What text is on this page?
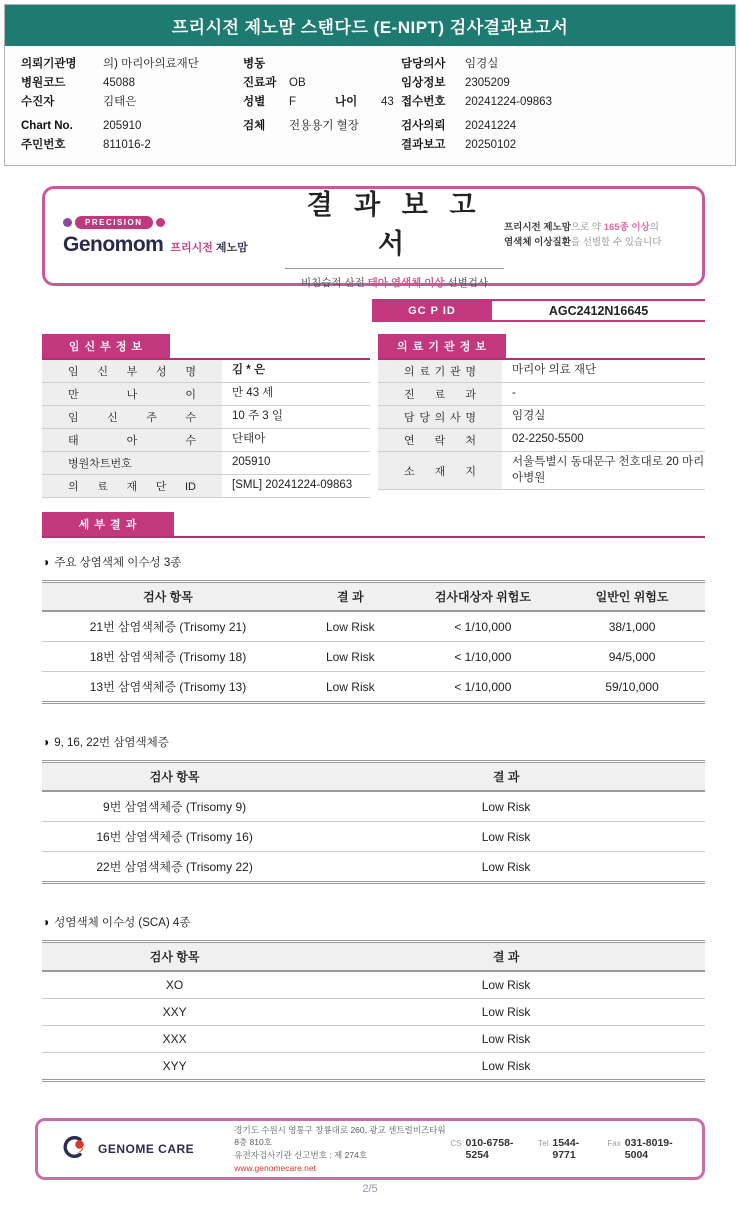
프리시전 제노맘 스탠다드 (E-NIPT) 검사결과보고서
의뢰기관명	의) 마리아의료재단
병원코드	45088
수진자	김태은
Chart No.	205910
주민번호	811016-2
병동
진료과	OB
성별	F	나이	43
검체	전용용기 혈장
담당의사	임경실
임상정보	2305209
접수번호	20241224-09863
검사의뢰	20241224
결과보고	20250102
PRECISION
Genomom 프리시전 제노맘
결 과 보 고 서
비침습적 산전 태아 염색체 이상 선별검사
프리시전 제노맘으로 약 165종 이상의
염색체 이상질환을 선별할 수 있습니다
GC P ID	AGC2412N16645
임 신 부 정 보
임 신 부 성 명	김 * 은
만 나 이	만 43 세
임 신 주 수	10 주 3 일
태 아 수	단태아
병원차트번호	205910
의 료 재 단 ID	[SML] 20241224-09863
의 료 기 관 정 보
의 료 기 관 명	마리아 의료 재단
진 료 과	-
담 당 의 사 명	임경실
연 락 처	02-2250-5500
소 재 지
서울특별시 동대문구 천호대로 20 마리아병원
세 부 결 과
◑ 주요 상염색체 이수성 3종
검사 항목	결 과	검사대상자 위험도	일반인 위험도
21번 삼염색체증 (Trisomy 21)	Low Risk	< 1/10,000	38/1,000
18번 삼염색체증 (Trisomy 18)	Low Risk	< 1/10,000	94/5,000
13번 삼염색체증 (Trisomy 13)	Low Risk	< 1/10,000	59/10,000
◑ 9, 16, 22번 삼염색체증
검사 항목	결 과
9번 삼염색체증 (Trisomy 9)	Low Risk
16번 삼염색체증 (Trisomy 16)	Low Risk
22번 삼염색체증 (Trisomy 22)	Low Risk
◑ 성염색체 이수성 (SCA) 4종
검사 항목	결 과
XO	Low Risk
XXY	Low Risk
XXX	Low Risk
XYY	Low Risk
GENOME CARE
경기도 수원시 영통구 창룡대로 260, 광교 센트럴비즈타워 8층 810호
유전자검사기관 신고번호 : 제 274호
www.genomecare.net
CS 010-6758-5254
Tel 1544-9771
Fax 031-8019-5004
2/5
